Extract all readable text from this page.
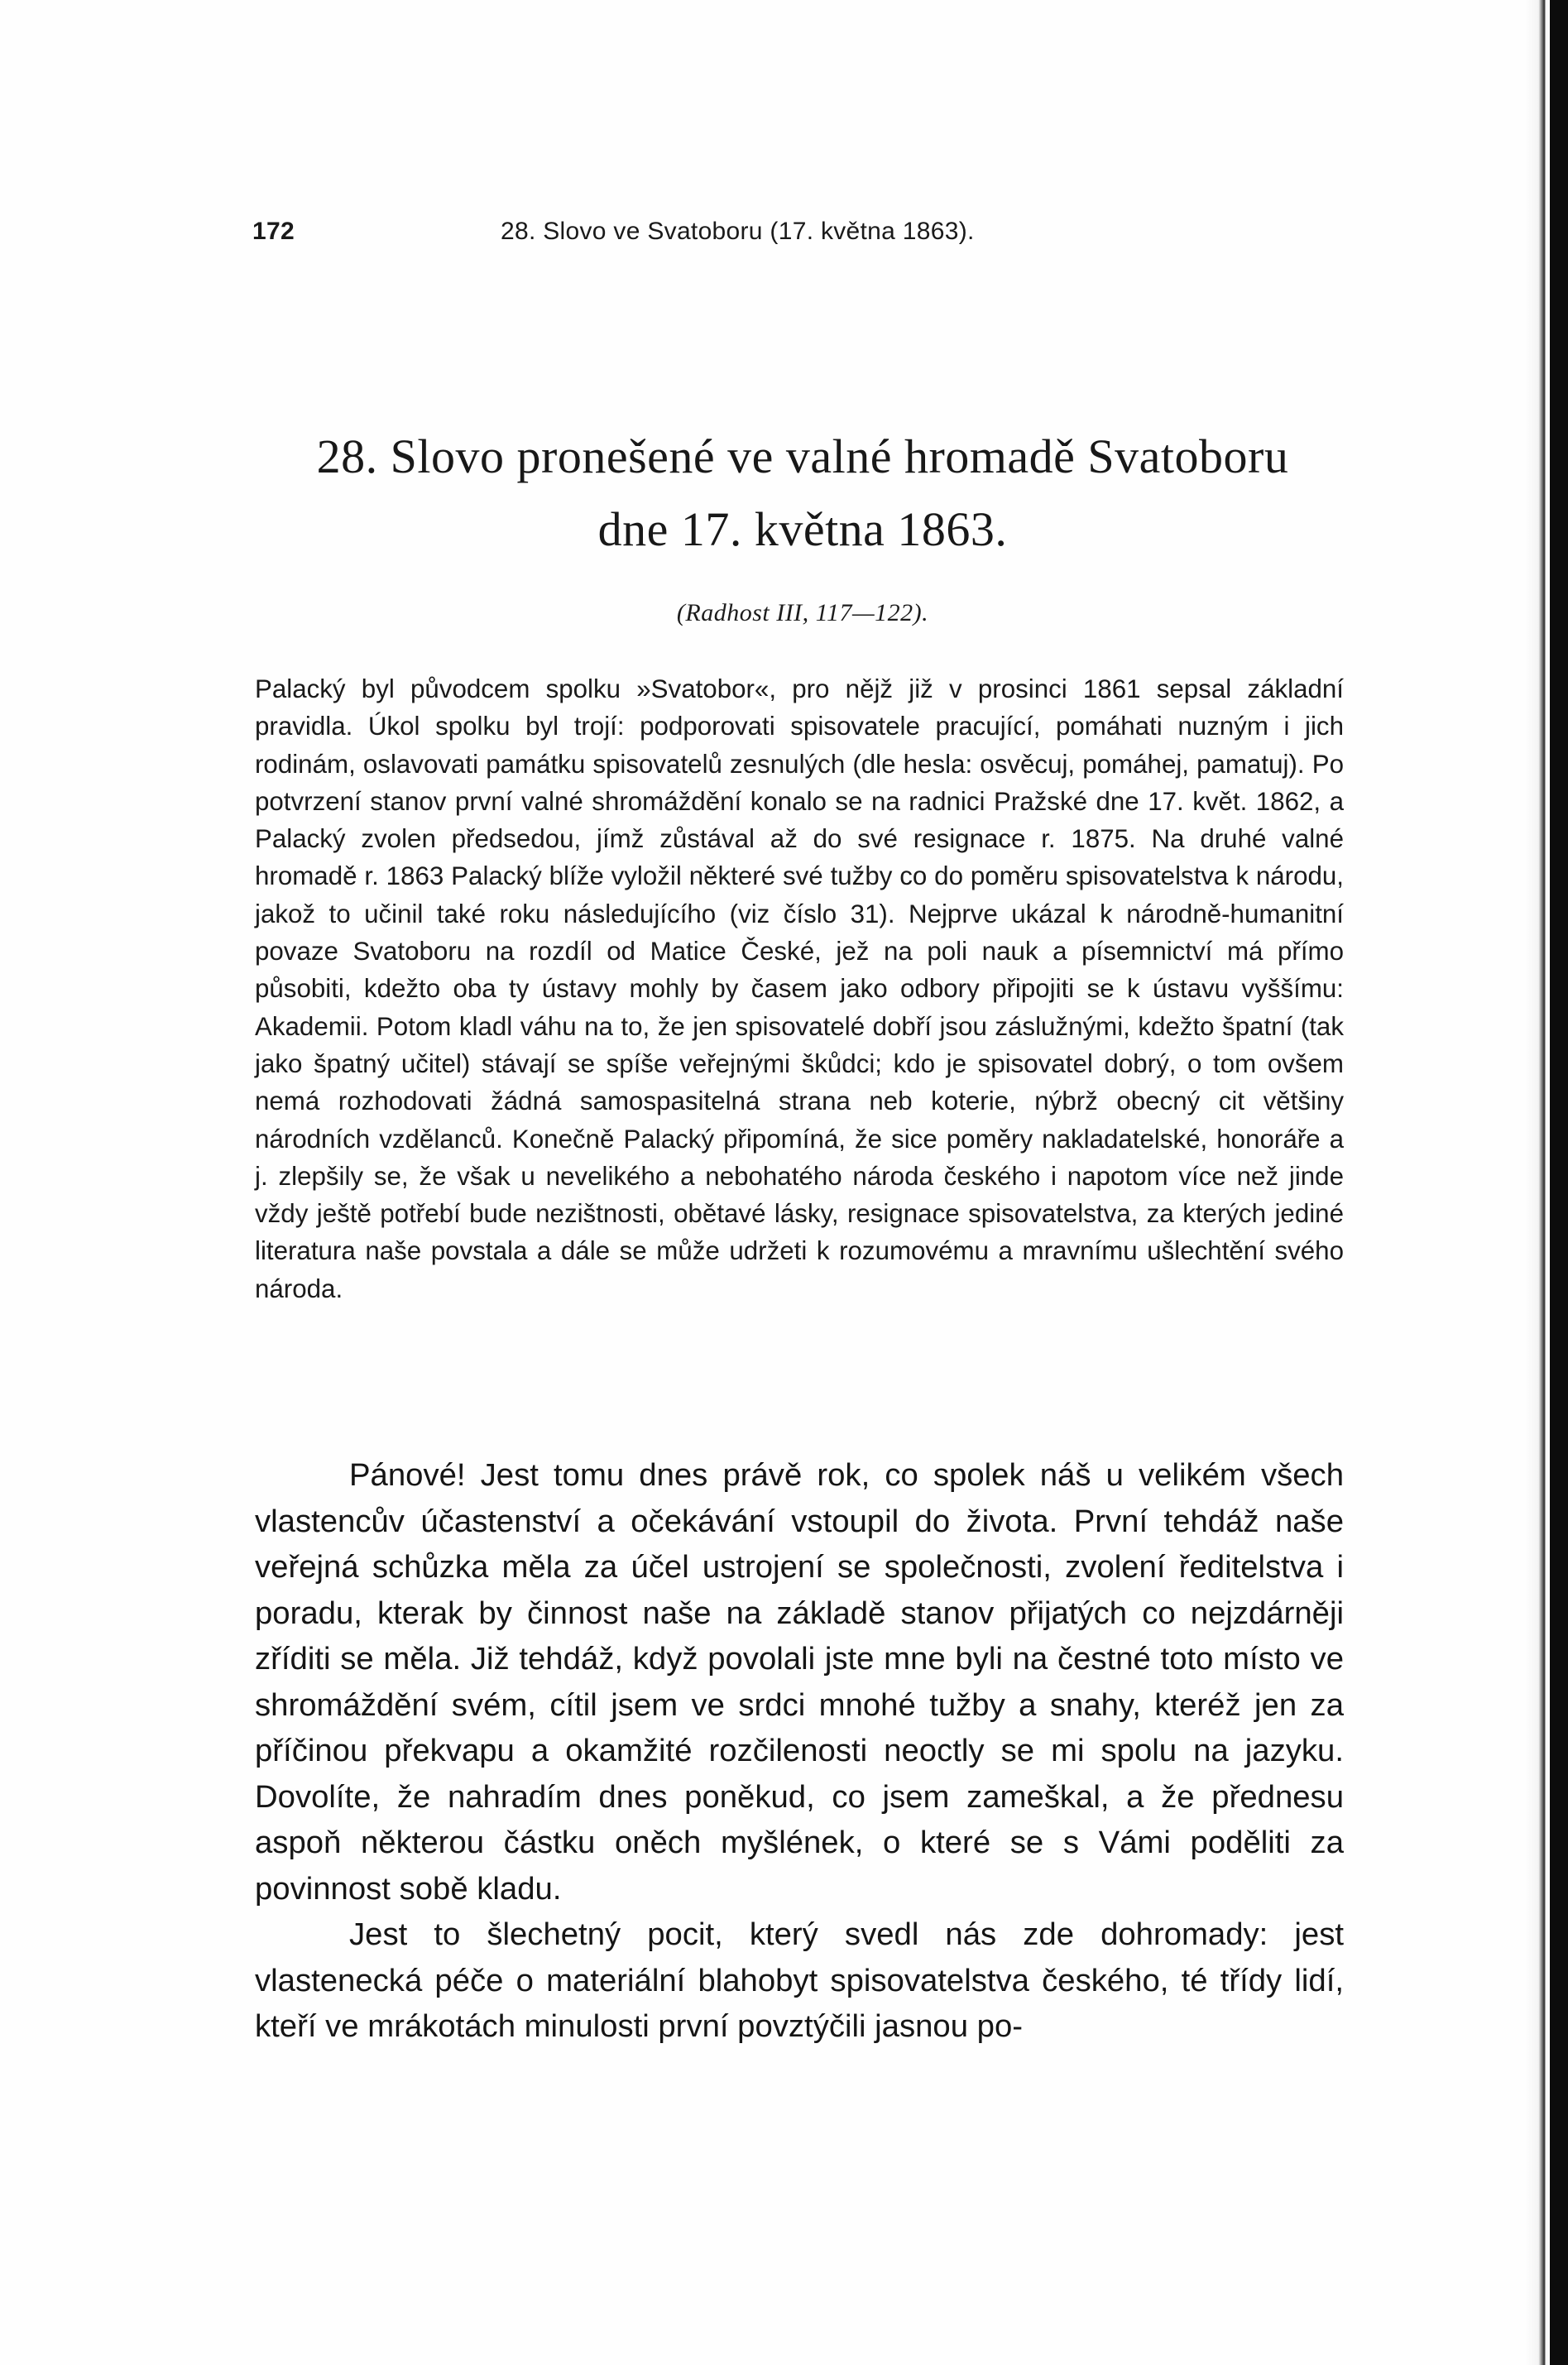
172	28. Slovo ve Svatoboru (17. května 1863).
28. Slovo pronešené ve valné hromadě Svatoboru
dne 17. května 1863.
(Radhost III, 117—122).

Palacký byl původcem spolku »Svatobor«, pro nějž již v prosinci 1861 sepsal základní pravidla. Úkol spolku byl trojí: podporovati spisovatele pracující, pomáhati nuzným i jich rodinám, oslavovati památku spisovatelů zesnulých (dle hesla: osvěcuj, pomáhej, pamatuj). Po potvrzení stanov první valné shromáždění konalo se na radnici Pražské dne 17. květ. 1862, a Palacký zvolen předsedou, jímž zůstával až do své resignace r. 1875. Na druhé valné hromadě r. 1863 Palacký blíže vyložil některé své tužby co do poměru spisovatelstva k národu, jakož to učinil také roku následujícího (viz číslo 31). Nejprve ukázal k národně-humanitní povaze Svatoboru na rozdíl od Matice České, jež na poli nauk a písemnictví má přímo působiti, kdežto oba ty ústavy mohly by časem jako odbory připojiti se k ústavu vyššímu: Akademii. Potom kladl váhu na to, že jen spisovatelé dobří jsou záslužnými, kdežto špatní (tak jako špatný učitel) stávají se spíše veřejnými škůdci; kdo je spisovatel dobrý, o tom ovšem nemá rozhodovati žádná samospasitelná strana neb koterie, nýbrž obecný cit většiny národních vzdělanců. Konečně Palacký připomíná, že sice poměry nakladatelské, honoráře a j. zlepšily se, že však u nevelikého a nebohatého národa českého i napotom více než jinde vždy ještě potřebí bude nezištnosti, obětavé lásky, resignace spisovatelstva, za kterých jediné literatura naše povstala a dále se může udržeti k rozumovému a mravnímu ušlechtění svého národa.

Pánové! Jest tomu dnes právě rok, co spolek náš u velikém všech vlastencův účastenství a očekávání vstoupil do života. První tehdáž naše veřejná schůzka měla za účel ustrojení se společnosti, zvolení ředitelstva i poradu, kterak by činnost naše na základě stanov přijatých co nejzdárněji zříditi se měla. Již tehdáž, když povolali jste mne byli na čestné toto místo ve shromáždění svém, cítil jsem ve srdci mnohé tužby a snahy, kteréž jen za příčinou překvapu a okamžité rozčilenosti neoctly se mi spolu na jazyku. Dovolíte, že nahradím dnes poněkud, co jsem zameškal, a že přednesu aspoň některou částku oněch myšlének, o které se s Vámi poděliti za povinnost sobě kladu.

Jest to šlechetný pocit, který svedl nás zde dohromady: jest vlastenecká péče o materiální blahobyt spisovatelstva českého, té třídy lidí, kteří ve mrákotách minulosti první povztýčili jasnou po-
